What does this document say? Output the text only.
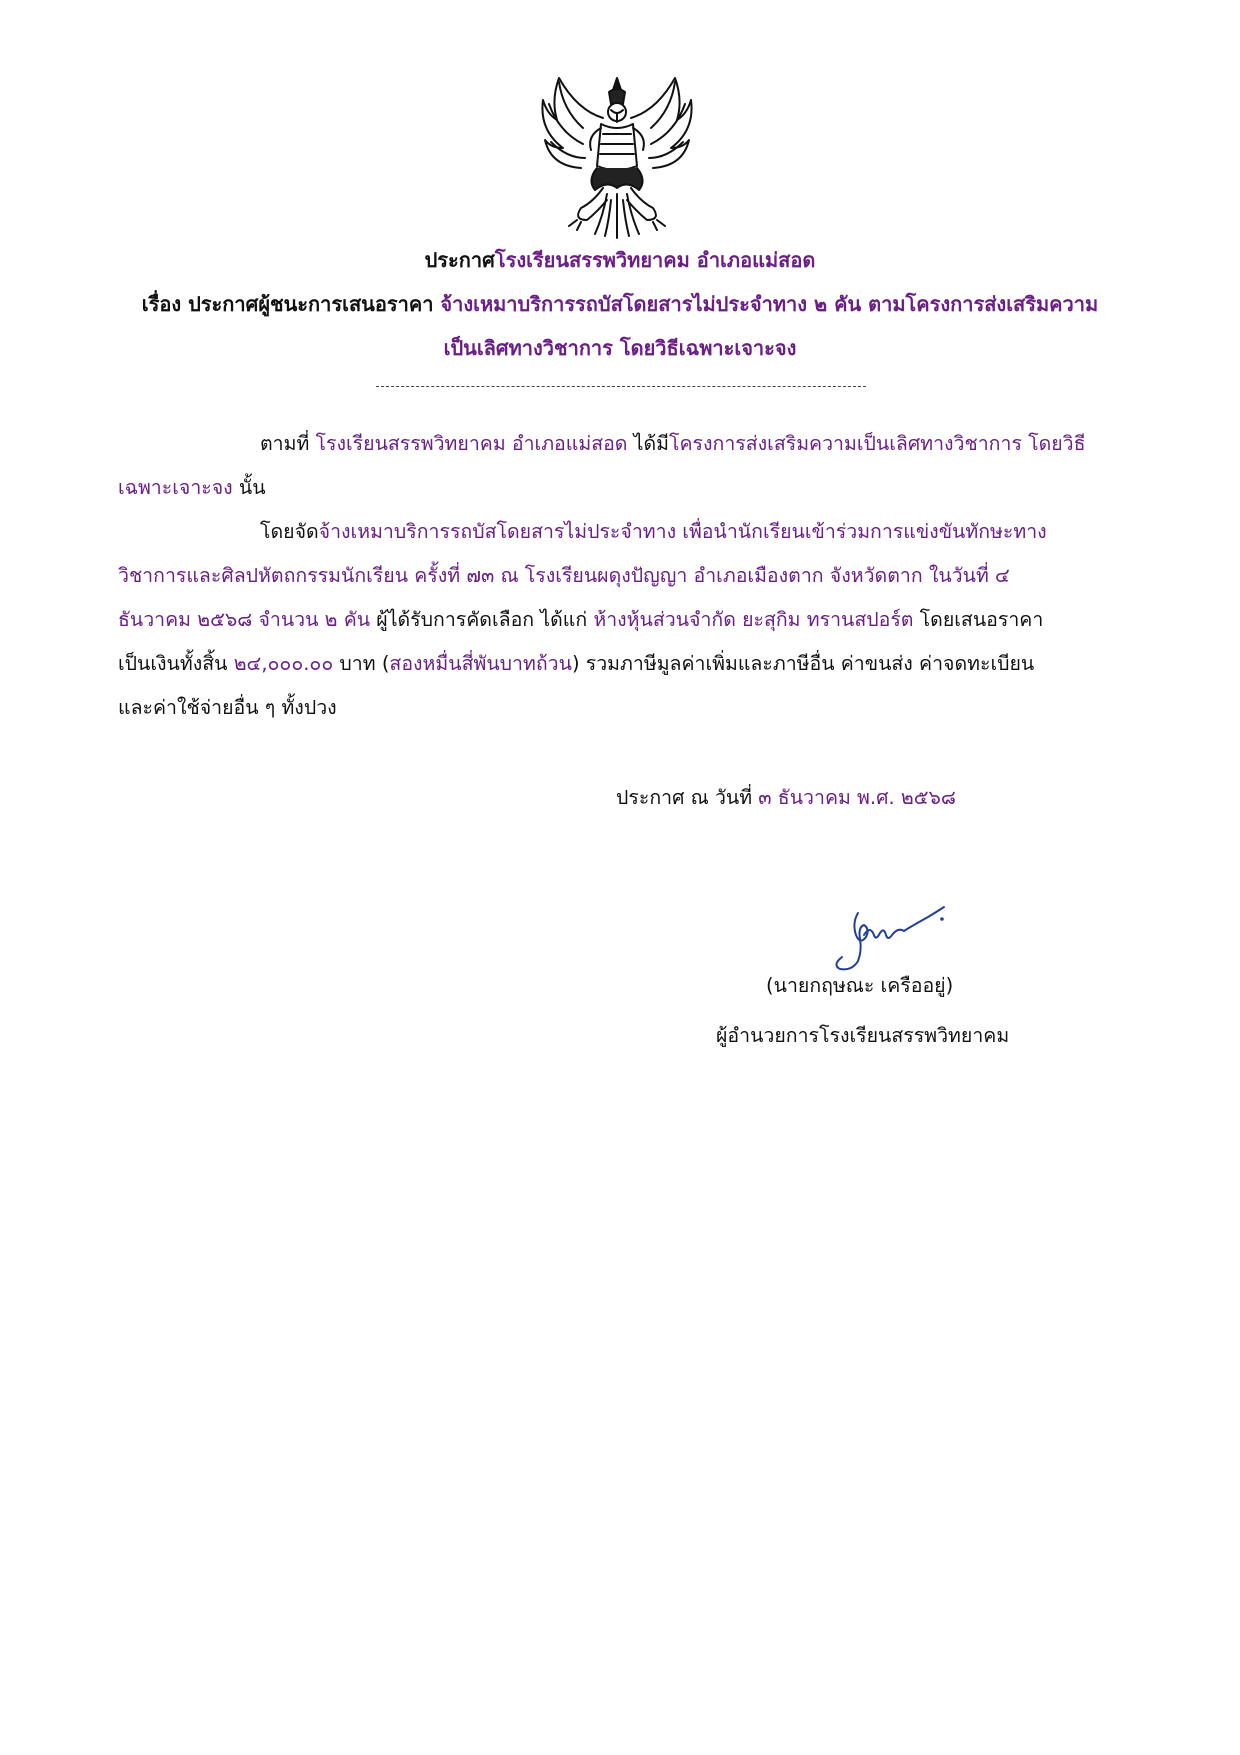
ประกาศโรงเรียนสรรพวิทยาคม อำเภอแม่สอด
เรื่อง ประกาศผู้ชนะการเสนอราคา จ้างเหมาบริการรถบัสโดยสารไม่ประจำทาง ๒ คัน ตามโครงการส่งเสริมความ
เป็นเลิศทางวิชาการ โดยวิธีเฉพาะเจาะจง
ตามที่ โรงเรียนสรรพวิทยาคม อำเภอแม่สอด ได้มีโครงการส่งเสริมความเป็นเลิศทางวิชาการ โดยวิธี
เฉพาะเจาะจง นั้น
โดยจัดจ้างเหมาบริการรถบัสโดยสารไม่ประจำทาง เพื่อนำนักเรียนเข้าร่วมการแข่งขันทักษะทาง
วิชาการและศิลปหัตถกรรมนักเรียน ครั้งที่ ๗๓ ณ โรงเรียนผดุงปัญญา อำเภอเมืองตาก จังหวัดตาก ในวันที่ ๔
ธันวาคม ๒๕๖๘ จำนวน ๒ คัน ผู้ได้รับการคัดเลือก ได้แก่ ห้างหุ้นส่วนจำกัด ยะสุกิม ทรานสปอร์ต โดยเสนอราคา
เป็นเงินทั้งสิ้น ๒๔,๐๐๐.๐๐ บาท (สองหมื่นสี่พันบาทถ้วน) รวมภาษีมูลค่าเพิ่มและภาษีอื่น ค่าขนส่ง ค่าจดทะเบียน
และค่าใช้จ่ายอื่น ๆ ทั้งปวง
ประกาศ ณ วันที่ ๓ ธันวาคม พ.ศ. ๒๕๖๘
(นายกฤษณะ เครืออยู่)
ผู้อำนวยการโรงเรียนสรรพวิทยาคม
